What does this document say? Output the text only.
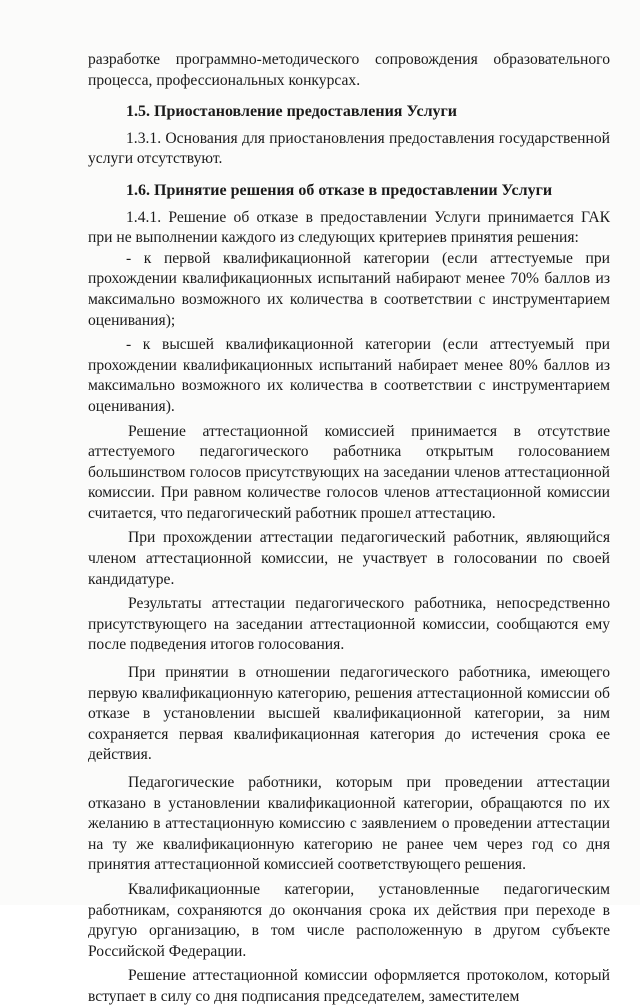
разработке программно-методического сопровождения образовательного процесса, профессиональных конкурсах.

1.5. Приостановление предоставления Услуги

1.3.1. Основания для приостановления предоставления государственной услуги отсутствуют.

1.6. Принятие решения об отказе в предоставлении Услуги

1.4.1. Решение об отказе в предоставлении Услуги принимается ГАК при не выполнении каждого из следующих критериев принятия решения:

- к первой квалификационной категории (если аттестуемые при прохождении квалификационных испытаний набирают менее 70% баллов из максимально возможного их количества в соответствии с инструментарием оценивания);

- к высшей квалификационной категории (если аттестуемый при прохождении квалификационных испытаний набирает менее 80% баллов из максимально возможного их количества в соответствии с инструментарием оценивания).

Решение аттестационной комиссией принимается в отсутствие аттестуемого педагогического работника открытым голосованием большинством голосов присутствующих на заседании членов аттестационной комиссии. При равном количестве голосов членов аттестационной комиссии считается, что педагогический работник прошел аттестацию.

При прохождении аттестации педагогический работник, являющийся членом аттестационной комиссии, не участвует в голосовании по своей кандидатуре.

Результаты аттестации педагогического работника, непосредственно присутствующего на заседании аттестационной комиссии, сообщаются ему после подведения итогов голосования.

При принятии в отношении педагогического работника, имеющего первую квалификационную категорию, решения аттестационной комиссии об отказе в установлении высшей квалификационной категории, за ним сохраняется первая квалификационная категория до истечения срока ее действия.

Педагогические работники, которым при проведении аттестации отказано в установлении квалификационной категории, обращаются по их желанию в аттестационную комиссию с заявлением о проведении аттестации на ту же квалификационную категорию не ранее чем через год со дня принятия аттестационной комиссией соответствующего решения.

Квалификационные категории, установленные педагогическим работникам, сохраняются до окончания срока их действия при переходе в другую организацию, в том числе расположенную в другом субъекте Российской Федерации.

Решение аттестационной комиссии оформляется протоколом, который вступает в силу со дня подписания председателем, заместителем
